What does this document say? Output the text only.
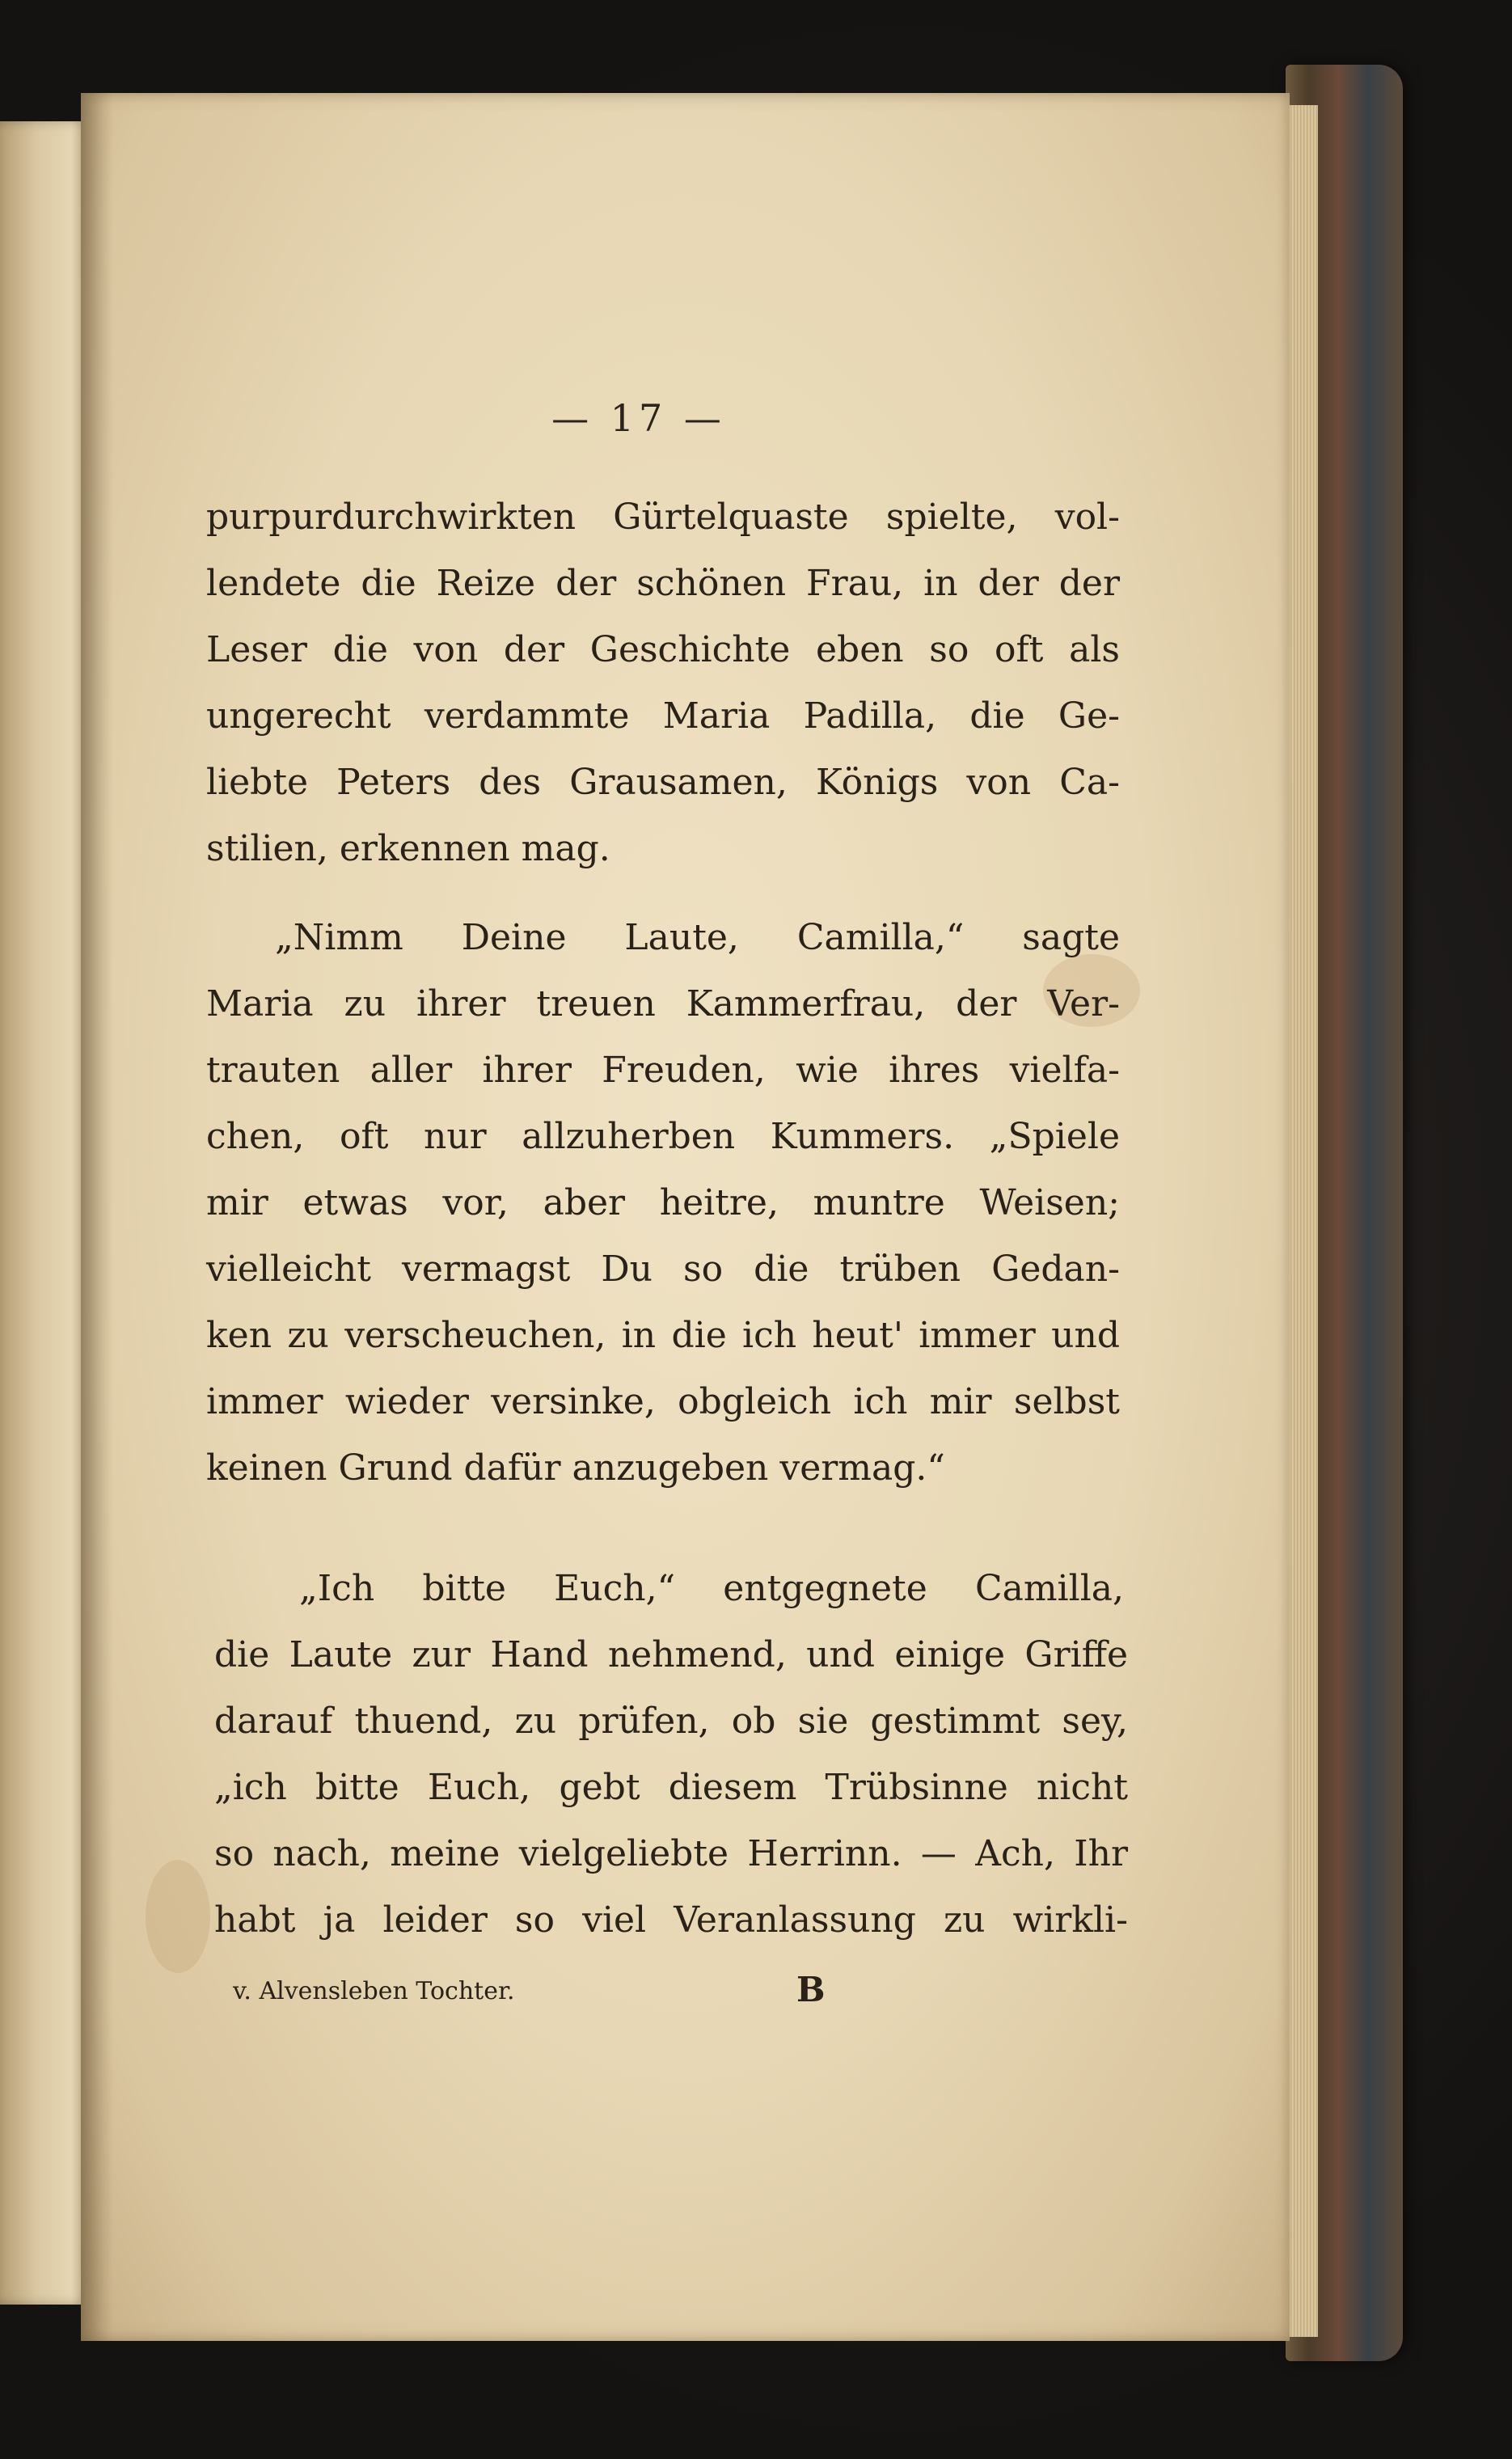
— 17 —
purpurdurchwirkten Gürtelquaste spielte, vol-
lendete die Reize der schönen Frau, in der der
Leser die von der Geschichte eben so oft als
ungerecht verdammte Maria Padilla, die Ge-
liebte Peters des Grausamen, Königs von Ca-
stilien, erkennen mag.
„Nimm Deine Laute, Camilla,“ sagte
Maria zu ihrer treuen Kammerfrau, der Ver-
trauten aller ihrer Freuden, wie ihres vielfa-
chen, oft nur allzuherben Kummers. „Spiele
mir etwas vor, aber heitre, muntre Weisen;
vielleicht vermagst Du so die trüben Gedan-
ken zu verscheuchen, in die ich heut' immer und
immer wieder versinke, obgleich ich mir selbst
keinen Grund dafür anzugeben vermag.“
„Ich bitte Euch,“ entgegnete Camilla,
die Laute zur Hand nehmend, und einige Griffe
darauf thuend, zu prüfen, ob sie gestimmt sey,
„ich bitte Euch, gebt diesem Trübsinne nicht
so nach, meine vielgeliebte Herrinn. — Ach, Ihr
habt ja leider so viel Veranlassung zu wirkli-
v. Alvensleben Tochter.	B
